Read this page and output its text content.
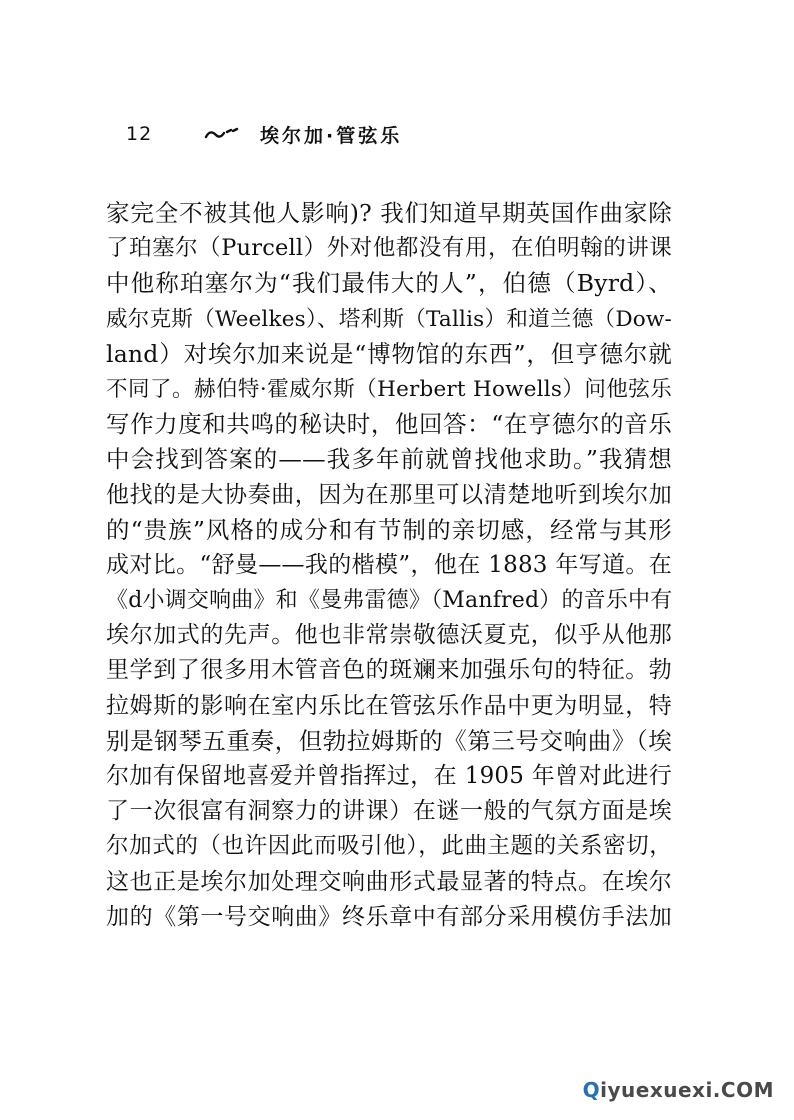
12	埃尔加·管弦乐
家完全不被其他人影响)? 我们知道早期英国作曲家除
了珀塞尔（Purcell）外对他都没有用，在伯明翰的讲课
中他称珀塞尔为“我们最伟大的人”，伯德（Byrd）、
威尔克斯（Weelkes）、塔利斯（Tallis）和道兰德（Dow-
land）对埃尔加来说是“博物馆的东西”，但亨德尔就
不同了。赫伯特·霍威尔斯（Herbert Howells）问他弦乐
写作力度和共鸣的秘诀时，他回答：“在亨德尔的音乐
中会找到答案的——我多年前就曾找他求助。”我猜想
他找的是大协奏曲，因为在那里可以清楚地听到埃尔加
的“贵族”风格的成分和有节制的亲切感，经常与其形
成对比。“舒曼——我的楷模”，他在 1883 年写道。在
《d小调交响曲》和《曼弗雷德》（Manfred）的音乐中有
埃尔加式的先声。他也非常崇敬德沃夏克，似乎从他那
里学到了很多用木管音色的斑斓来加强乐句的特征。勃
拉姆斯的影响在室内乐比在管弦乐作品中更为明显，特
别是钢琴五重奏，但勃拉姆斯的《第三号交响曲》（埃
尔加有保留地喜爱并曾指挥过，在 1905 年曾对此进行
了一次很富有洞察力的讲课）在谜一般的气氛方面是埃
尔加式的（也许因此而吸引他），此曲主题的关系密切，
这也正是埃尔加处理交响曲形式最显著的特点。在埃尔
加的《第一号交响曲》终乐章中有部分采用模仿手法加
Qiyuexuexi.COM
